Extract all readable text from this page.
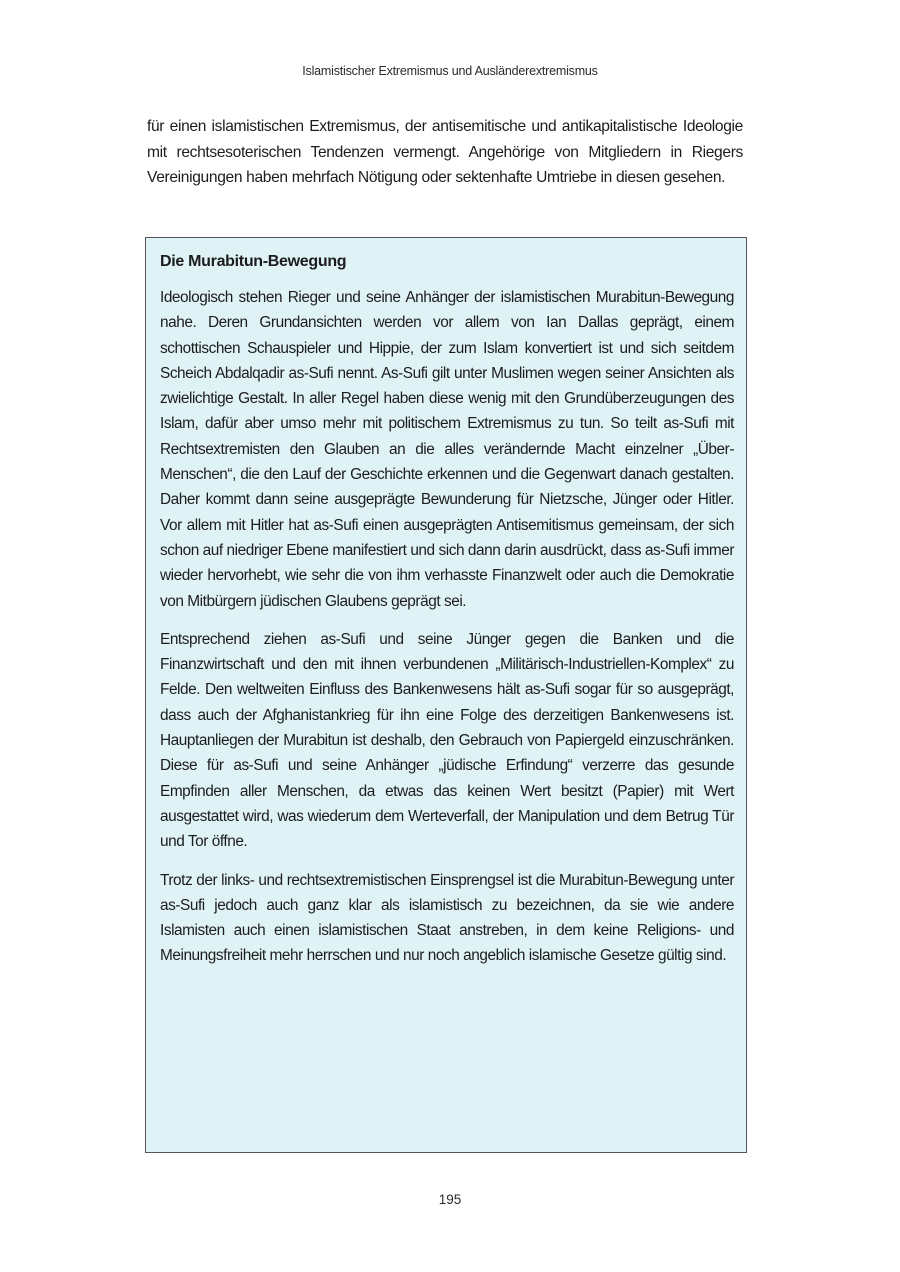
Islamistischer Extremismus und Ausländerextremismus

für einen islamistischen Extremismus, der antisemitische und antikapitalistische Ideologie mit rechtsesoterischen Tendenzen vermengt. Angehörige von Mitgliedern in Riegers Vereinigungen haben mehrfach Nötigung oder sektenhafte Umtriebe in diesen gesehen.

Die Murabitun-Bewegung

Ideologisch stehen Rieger und seine Anhänger der islamistischen Murabitun-Bewegung nahe. Deren Grundansichten werden vor allem von Ian Dallas geprägt, einem schottischen Schauspieler und Hippie, der zum Islam konvertiert ist und sich seitdem Scheich Abdalqadir as-Sufi nennt. As-Sufi gilt unter Muslimen wegen seiner Ansichten als zwielichtige Gestalt. In aller Regel haben diese wenig mit den Grundüberzeugungen des Islam, dafür aber umso mehr mit politischem Extremismus zu tun. So teilt as-Sufi mit Rechtsextremisten den Glauben an die alles verändernde Macht einzelner „Über-Menschen“, die den Lauf der Geschichte erkennen und die Gegenwart danach gestalten. Daher kommt dann seine ausgeprägte Bewunderung für Nietzsche, Jünger oder Hitler. Vor allem mit Hitler hat as-Sufi einen ausgeprägten Antisemitismus gemeinsam, der sich schon auf niedriger Ebene manifestiert und sich dann darin ausdrückt, dass as-Sufi immer wieder hervorhebt, wie sehr die von ihm verhasste Finanzwelt oder auch die Demokratie von Mitbürgern jüdischen Glaubens geprägt sei.

Entsprechend ziehen as-Sufi und seine Jünger gegen die Banken und die Finanzwirtschaft und den mit ihnen verbundenen „Militärisch-Industriellen-Komplex“ zu Felde. Den weltweiten Einfluss des Bankenwesens hält as-Sufi sogar für so ausgeprägt, dass auch der Afghanistankrieg für ihn eine Folge des derzeitigen Bankenwesens ist. Hauptanliegen der Murabitun ist deshalb, den Gebrauch von Papiergeld einzuschränken. Diese für as-Sufi und seine Anhänger „jüdische Erfindung“ verzerre das gesunde Empfinden aller Menschen, da etwas das keinen Wert besitzt (Papier) mit Wert ausgestattet wird, was wiederum dem Werteverfall, der Manipulation und dem Betrug Tür und Tor öffne.

Trotz der links- und rechtsextremistischen Einsprengsel ist die Murabitun-Bewegung unter as-Sufi jedoch auch ganz klar als islamistisch zu bezeichnen, da sie wie andere Islamisten auch einen islamistischen Staat anstreben, in dem keine Religions- und Meinungsfreiheit mehr herrschen und nur noch angeblich islamische Gesetze gültig sind.

195
